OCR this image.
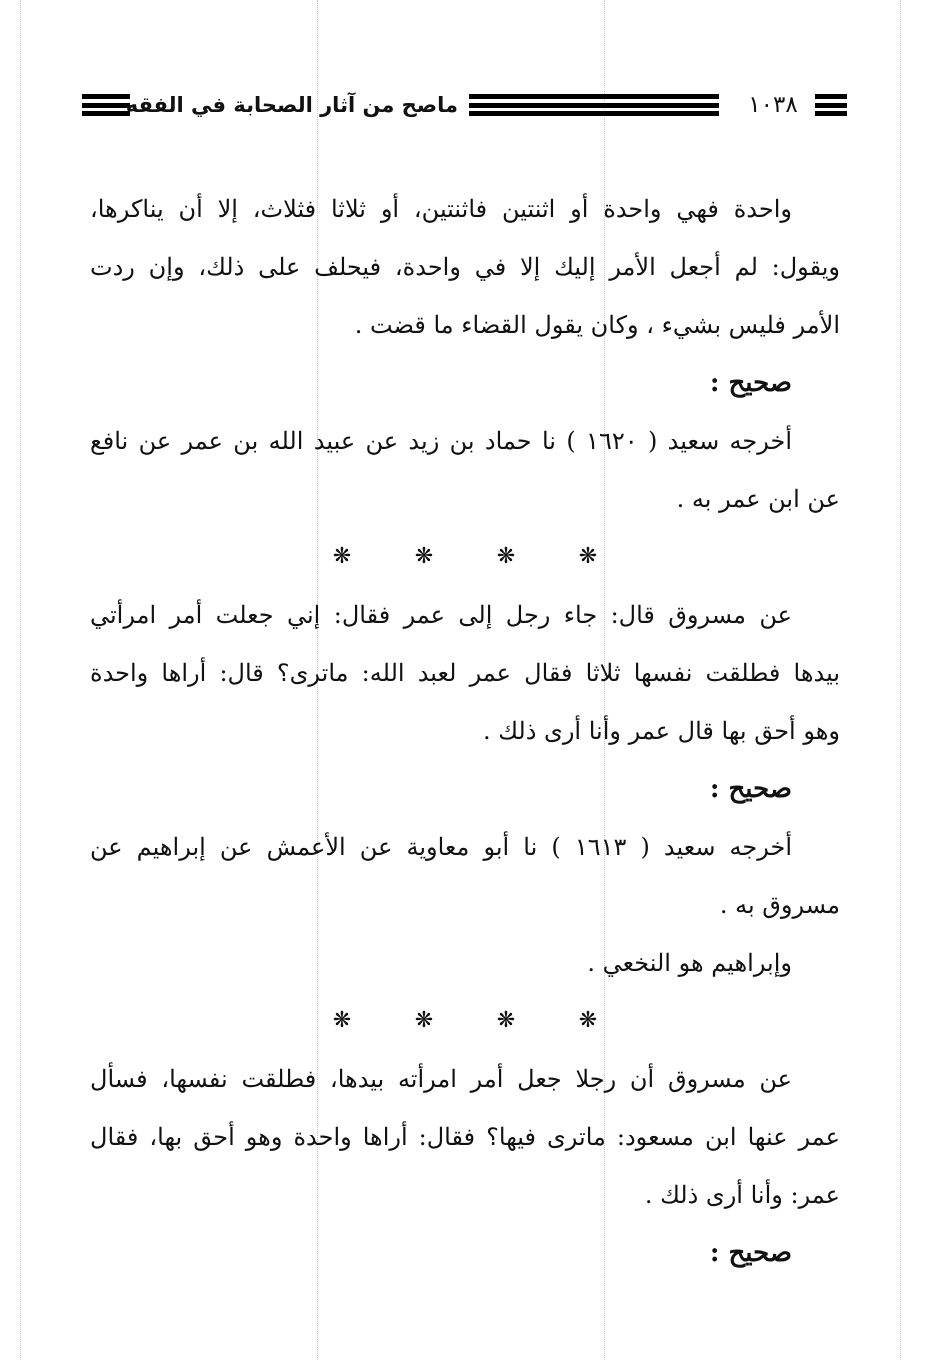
ماصح من آثار الصحابة في الفقه	١٠٣٨
واحدة فهي واحدة أو اثنتين فاثنتين، أو ثلاثا فثلاث، إلا أن يناكرها،
ويقول: لم أجعل الأمر إليك إلا في واحدة، فيحلف على ذلك، وإن ردت
الأمر فليس بشيء ، وكان يقول القضاء ما قضت .
صحيح :
أخرجه سعيد ( ١٦٢٠ ) نا حماد بن زيد عن عبيد الله بن عمر عن نافع
عن ابن عمر به .
❋	❋	❋	❋
عن مسروق قال: جاء رجل إلى عمر فقال: إني جعلت أمر امرأتي
بيدها فطلقت نفسها ثلاثا فقال عمر لعبد الله: ماترى؟ قال: أراها واحدة
وهو أحق بها قال عمر وأنا أرى ذلك .
صحيح :
أخرجه سعيد ( ١٦١٣ ) نا أبو معاوية عن الأعمش عن إبراهيم عن
مسروق به .
وإبراهيم هو النخعي .
❋	❋	❋	❋
عن مسروق أن رجلا جعل أمر امرأته بيدها، فطلقت نفسها، فسأل
عمر عنها ابن مسعود: ماترى فيها؟ فقال: أراها واحدة وهو أحق بها، فقال
عمر: وأنا أرى ذلك .
صحيح :
